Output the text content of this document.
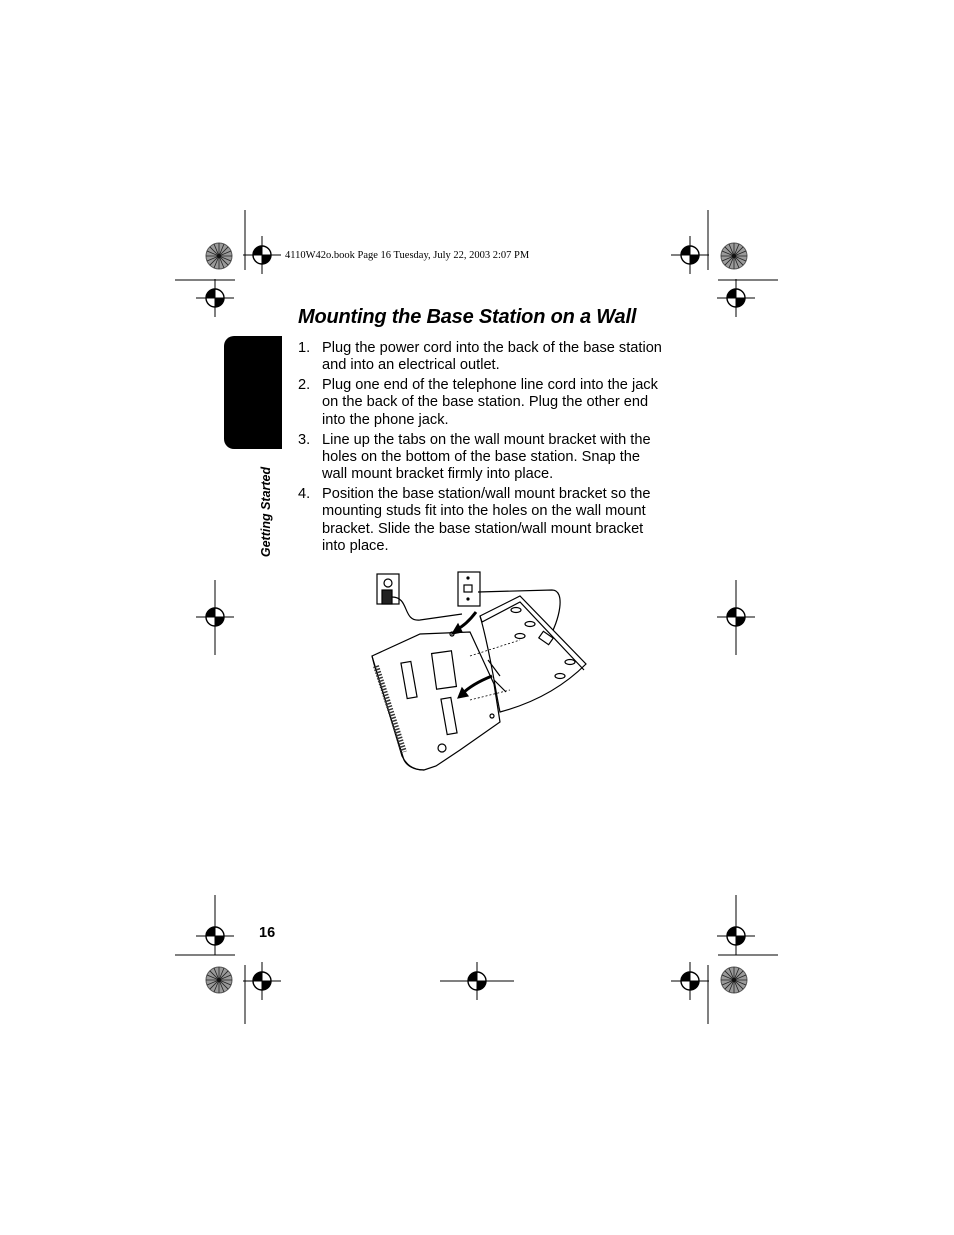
4110W42o.book Page 16 Tuesday, July 22, 2003 2:07 PM
Getting Started
Mounting the Base Station on a Wall
1. Plug the power cord into the back of the base station and into an electrical outlet.
2. Plug one end of the telephone line cord into the jack on the back of the base station. Plug the other end into the phone jack.
3. Line up the tabs on the wall mount bracket with the holes on the bottom of the base station. Snap the wall mount bracket firmly into place.
4. Position the base station/wall mount bracket so the mounting studs fit into the holes on the wall mount bracket. Slide the base station/wall mount bracket into place.
16
